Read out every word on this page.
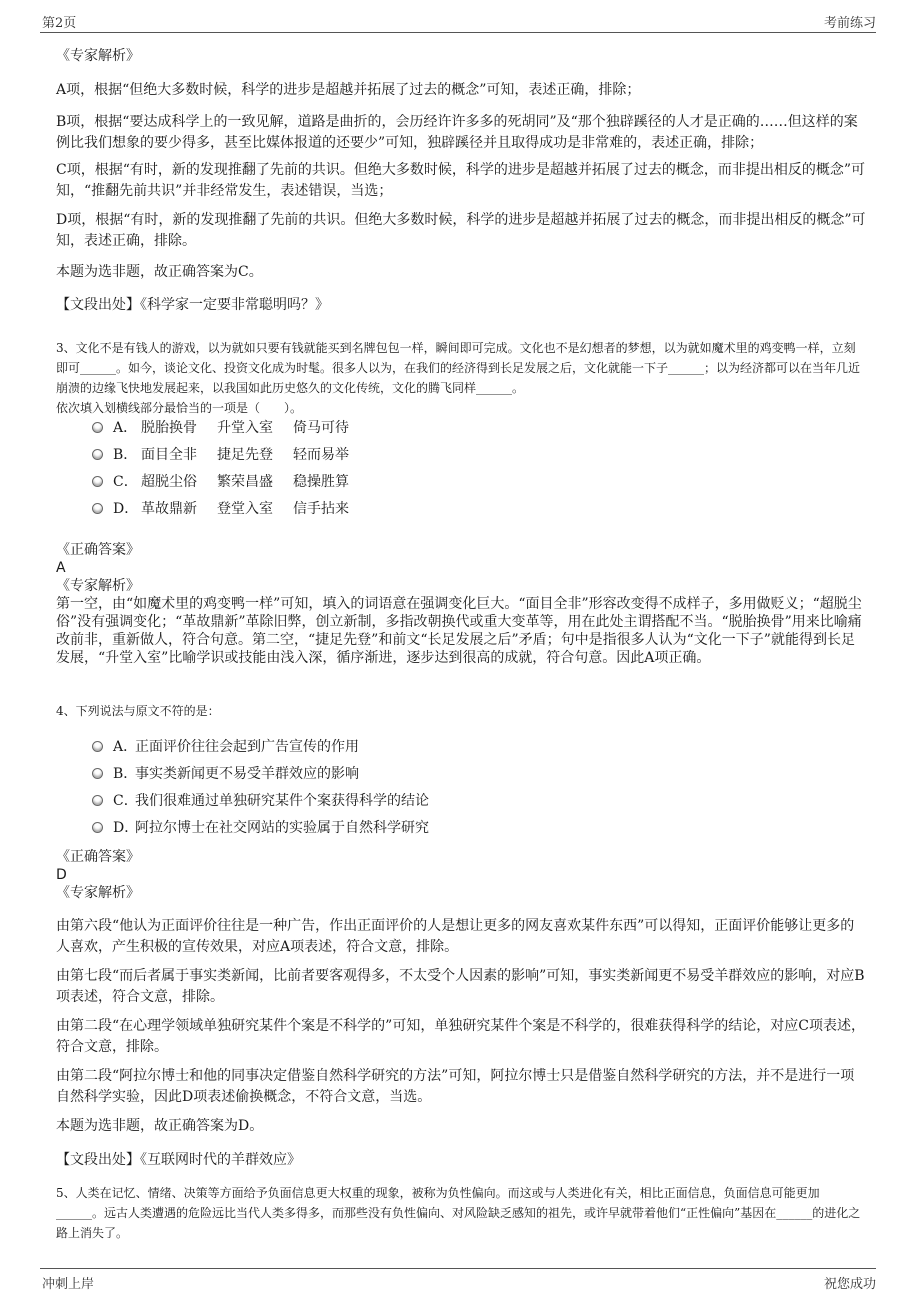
第2页	考前练习
《专家解析》
A项，根据“但绝大多数时候，科学的进步是超越并拓展了过去的概念”可知，表述正确，排除；
B项，根据“要达成科学上的一致见解，道路是曲折的，会历经许许多多的死胡同”及“那个独辟蹊径的人才是正确的……但这样的案例比我们想象的要少得多，甚至比媒体报道的还要少”可知，独辟蹊径并且取得成功是非常难的，表述正确，排除；
C项，根据“有时，新的发现推翻了先前的共识。但绝大多数时候，科学的进步是超越并拓展了过去的概念，而非提出相反的概念”可知，“推翻先前共识”并非经常发生，表述错误，当选；
D项，根据“有时，新的发现推翻了先前的共识。但绝大多数时候，科学的进步是超越并拓展了过去的概念，而非提出相反的概念”可知，表述正确，排除。
本题为选非题，故正确答案为C。
【文段出处】《科学家一定要非常聪明吗？》
3、文化不是有钱人的游戏，以为就如只要有钱就能买到名牌包包一样，瞬间即可完成。文化也不是幻想者的梦想，以为就如魔术里的鸡变鸭一样，立刻即可______。如今，谈论文化、投资文化成为时髦。很多人以为，在我们的经济得到长足发展之后，文化就能一下子______；以为经济都可以在当年几近崩溃的边缘飞快地发展起来，以我国如此历史悠久的文化传统，文化的腾飞同样______。
依次填入划横线部分最恰当的一项是（　　）。
A． 脱胎换骨 升堂入室 倚马可待
B． 面目全非 捷足先登 轻而易举
C． 超脱尘俗 繁荣昌盛 稳操胜算
D． 革故鼎新 登堂入室 信手拈来
《正确答案》
A
《专家解析》
第一空，由“如魔术里的鸡变鸭一样”可知，填入的词语意在强调变化巨大。“面目全非”形容改变得不成样子，多用做贬义；“超脱尘俗”没有强调变化；“革故鼎新”革除旧弊，创立新制，多指改朝换代或重大变革等，用在此处主谓搭配不当。“脱胎换骨”用来比喻痛改前非，重新做人，符合句意。第二空，“捷足先登”和前文“长足发展之后”矛盾；句中是指很多人认为“文化一下子”就能得到长足发展，“升堂入室”比喻学识或技能由浅入深，循序渐进，逐步达到很高的成就，符合句意。因此A项正确。
4、下列说法与原文不符的是：
A．正面评价往往会起到广告宣传的作用
B．事实类新闻更不易受羊群效应的影响
C．我们很难通过单独研究某件个案获得科学的结论
D．阿拉尔博士在社交网站的实验属于自然科学研究
《正确答案》
D
《专家解析》
由第六段“他认为正面评价往往是一种广告，作出正面评价的人是想让更多的网友喜欢某件东西”可以得知，正面评价能够让更多的人喜欢，产生积极的宣传效果，对应A项表述，符合文意，排除。
由第七段“而后者属于事实类新闻，比前者要客观得多，不太受个人因素的影响”可知，事实类新闻更不易受羊群效应的影响，对应B项表述，符合文意，排除。
由第二段“在心理学领域单独研究某件个案是不科学的”可知，单独研究某件个案是不科学的，很难获得科学的结论，对应C项表述，符合文意，排除。
由第二段“阿拉尔博士和他的同事决定借鉴自然科学研究的方法”可知，阿拉尔博士只是借鉴自然科学研究的方法，并不是进行一项自然科学实验，因此D项表述偷换概念，不符合文意，当选。
本题为选非题，故正确答案为D。
【文段出处】《互联网时代的羊群效应》
5、人类在记忆、情绪、决策等方面给予负面信息更大权重的现象，被称为负性偏向。而这或与人类进化有关，相比正面信息，负面信息可能更加______。远古人类遭遇的危险远比当代人类多得多，而那些没有负性偏向、对风险缺乏感知的祖先，或许早就带着他们“正性偏向”基因在______的进化之路上消失了。
冲刺上岸	祝您成功
